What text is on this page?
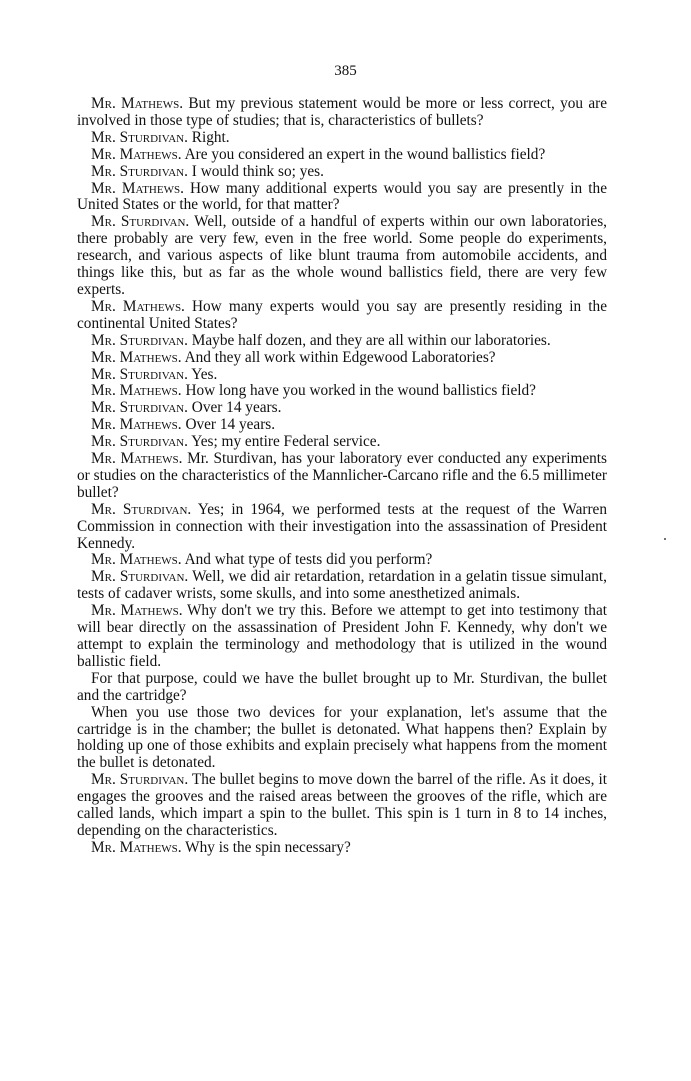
385

Mr. Mathews. But my previous statement would be more or less correct, you are involved in those type of studies; that is, characteristics of bullets?

Mr. Sturdivan. Right.

Mr. Mathews. Are you considered an expert in the wound ballistics field?

Mr. Sturdivan. I would think so; yes.

Mr. Mathews. How many additional experts would you say are presently in the United States or the world, for that matter?

Mr. Sturdivan. Well, outside of a handful of experts within our own laboratories, there probably are very few, even in the free world. Some people do experiments, research, and various aspects of like blunt trauma from automobile accidents, and things like this, but as far as the whole wound ballistics field, there are very few experts.

Mr. Mathews. How many experts would you say are presently residing in the continental United States?

Mr. Sturdivan. Maybe half dozen, and they are all within our laboratories.

Mr. Mathews. And they all work within Edgewood Laboratories?

Mr. Sturdivan. Yes.

Mr. Mathews. How long have you worked in the wound ballistics field?

Mr. Sturdivan. Over 14 years.

Mr. Mathews. Over 14 years.

Mr. Sturdivan. Yes; my entire Federal service.

Mr. Mathews. Mr. Sturdivan, has your laboratory ever conducted any experiments or studies on the characteristics of the Mannlicher-Carcano rifle and the 6.5 millimeter bullet?

Mr. Sturdivan. Yes; in 1964, we performed tests at the request of the Warren Commission in connection with their investigation into the assassination of President Kennedy.

Mr. Mathews. And what type of tests did you perform?

Mr. Sturdivan. Well, we did air retardation, retardation in a gelatin tissue simulant, tests of cadaver wrists, some skulls, and into some anesthetized animals.

Mr. Mathews. Why don't we try this. Before we attempt to get into testimony that will bear directly on the assassination of President John F. Kennedy, why don't we attempt to explain the terminology and methodology that is utilized in the wound ballistic field.

For that purpose, could we have the bullet brought up to Mr. Sturdivan, the bullet and the cartridge?

When you use those two devices for your explanation, let's assume that the cartridge is in the chamber; the bullet is detonated. What happens then? Explain by holding up one of those exhibits and explain precisely what happens from the moment the bullet is detonated.

Mr. Sturdivan. The bullet begins to move down the barrel of the rifle. As it does, it engages the grooves and the raised areas between the grooves of the rifle, which are called lands, which impart a spin to the bullet. This spin is 1 turn in 8 to 14 inches, depending on the characteristics.

Mr. Mathews. Why is the spin necessary?
